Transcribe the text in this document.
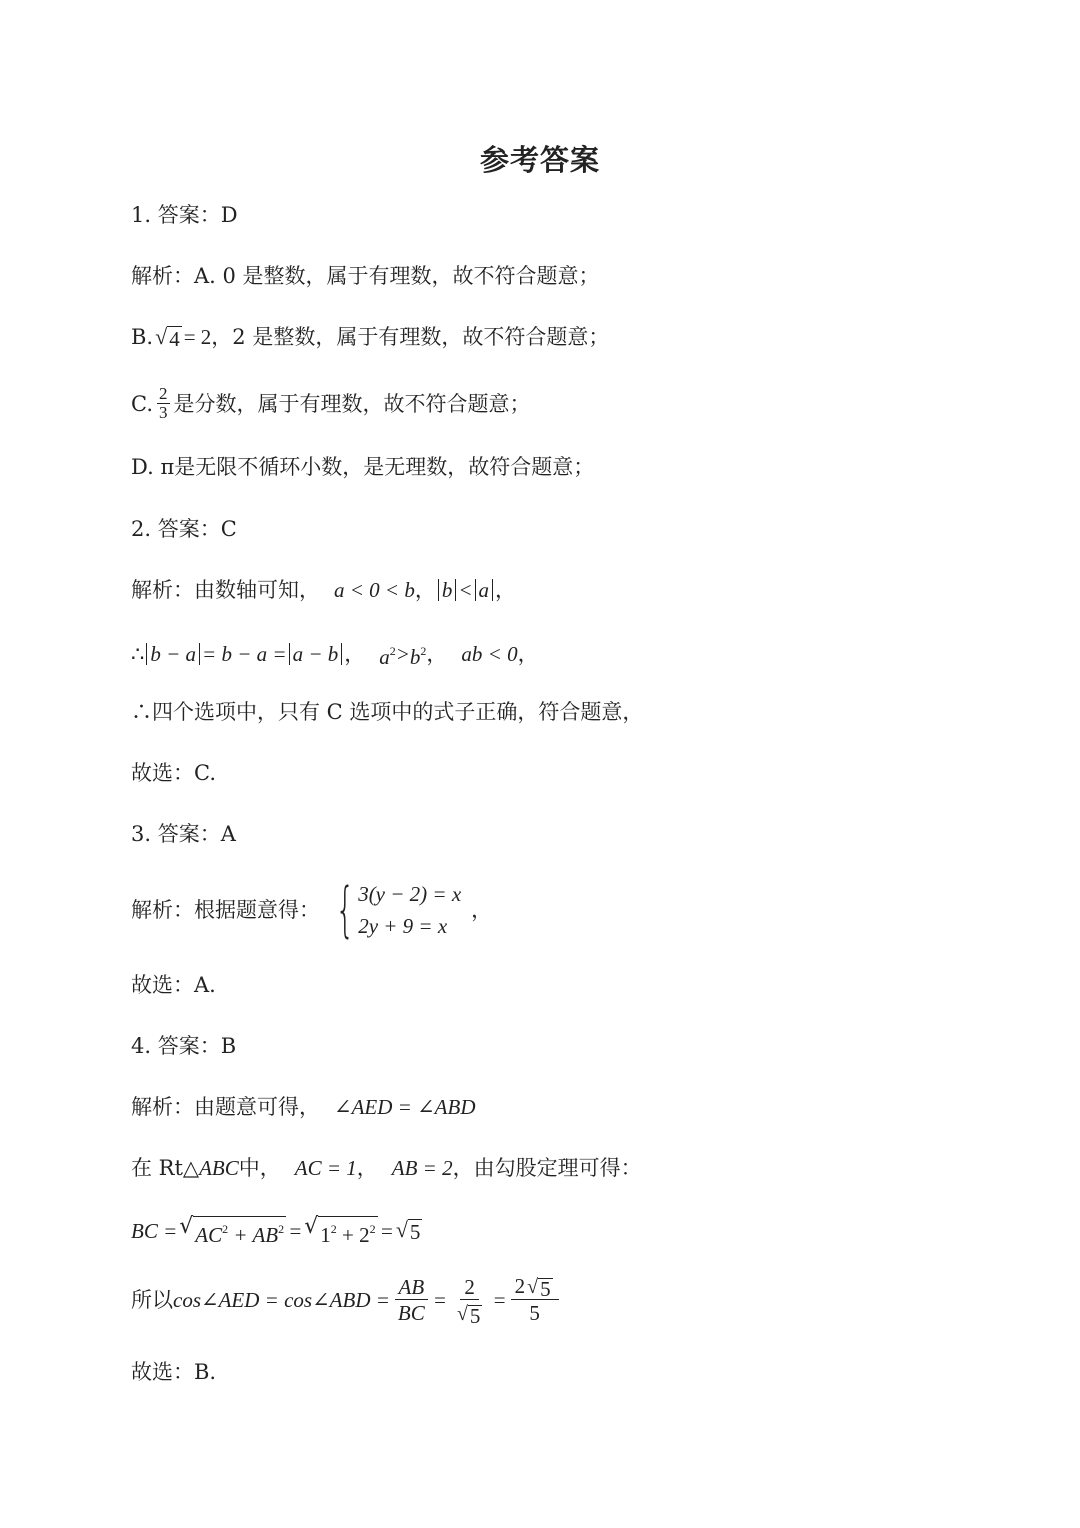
参考答案
1. 答案：D
解析：A. 0 是整数，属于有理数，故不符合题意；
B. √ 4 = 2 ，2 是整数，属于有理数，故不符合题意；
C. $\frac{2}{3}$ 是分数，属于有理数，故不符合题意；
D. π是无限不循环小数，是无理数，故符合题意；
2. 答案：C
解析：由数轴可知， a < 0 < b ， b < a ，
∴ b − a = b − a = a − b ， $a^2 > b^2$ ， ab < 0 ，
∴四个选项中，只有 C 选项中的式子正确，符合题意，
故选：C.
3. 答案：A
解析：根据题意得： { 3(y − 2) = x
2y + 9 = x
，
故选：A.
4. 答案：B
解析：由题意可得， ∠AED = ∠ABD
在 Rt△ ABC 中， AC = 1 ， AB = 2 ，由勾股定理可得：
BC = √ $AC^2 + AB^2$ = √ $1^2 + 2^2$ = √ 5
所以 cos∠AED = cos∠ABD = $\frac{AB}{BC} = \frac{2}{√ 5} = \frac{2 √ 5}{5}$
故选：B.
